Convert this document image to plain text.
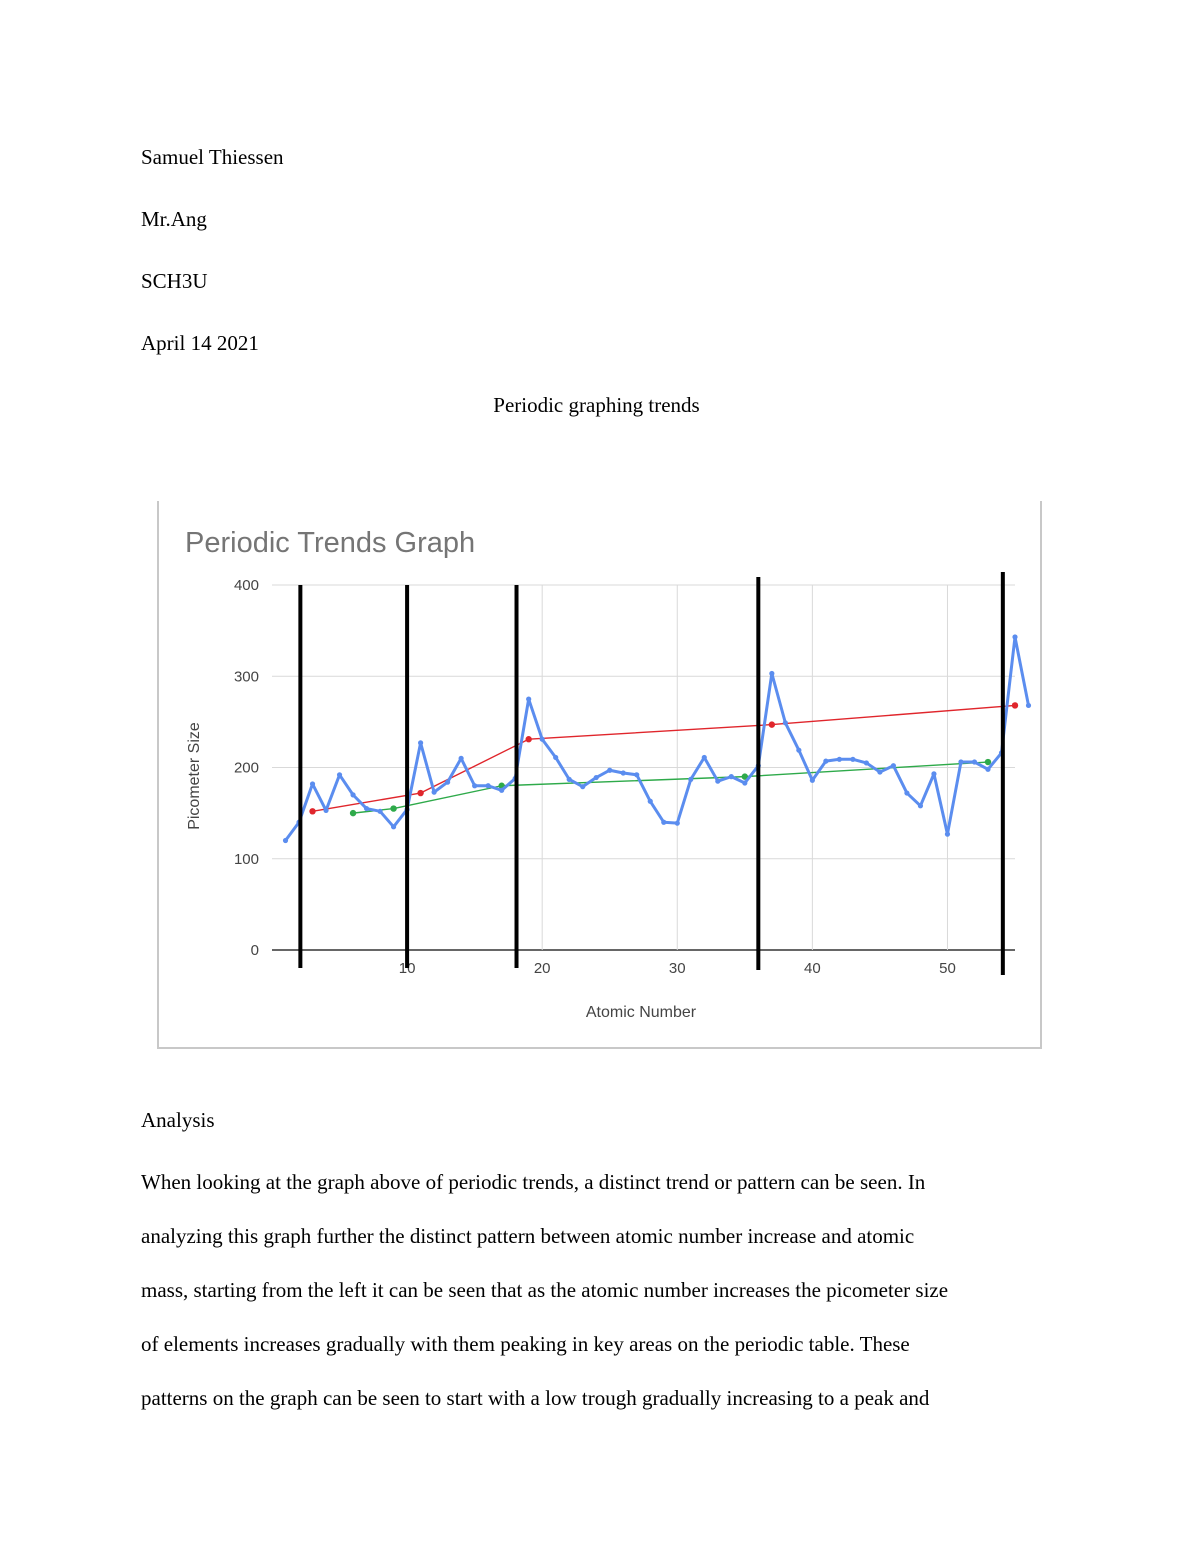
Samuel Thiessen
Mr.Ang
SCH3U
April 14 2021
Periodic graphing trends
Periodic Trends Graph
0
100
200
300
400
10	20	30	40	50
Atomic Number
Picometer Size
Analysis
When looking at the graph above of periodic trends, a distinct trend or pattern can be seen. In
analyzing this graph further the distinct pattern between atomic number increase and atomic
mass, starting from the left it can be seen that as the atomic number increases the picometer size
of elements increases gradually with them peaking in key areas on the periodic table. These
patterns on the graph can be seen to start with a low trough gradually increasing to a peak and
